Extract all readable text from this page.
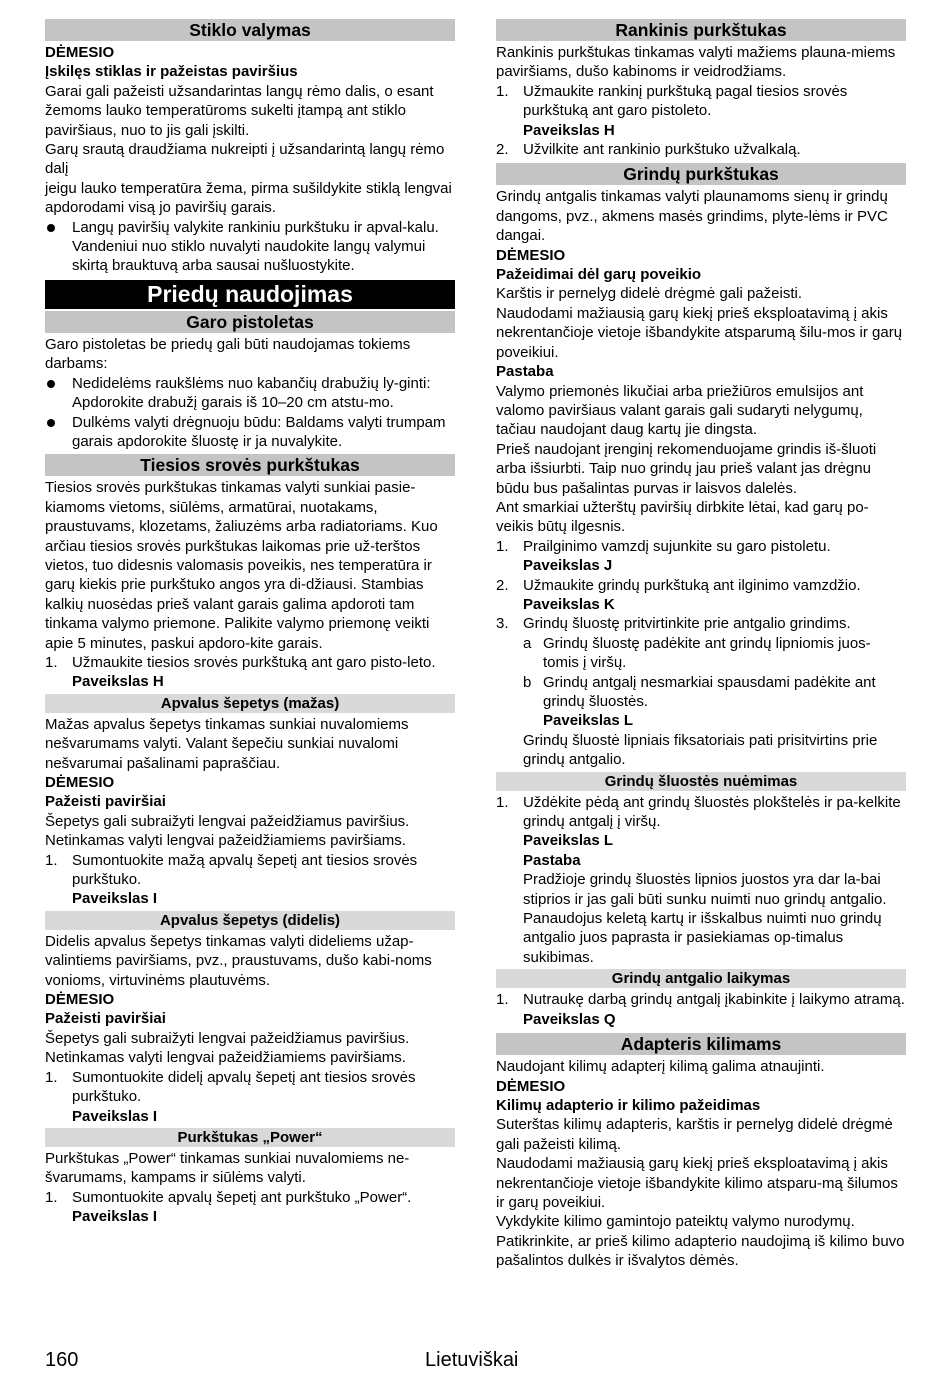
Stiklo valymas
DĖMESIO
Įskilęs stiklas ir pažeistas paviršius
Garai gali pažeisti užsandarintas langų rėmo dalis, o esant žemoms lauko temperatūroms sukelti įtampą ant stiklo paviršiaus, nuo to jis gali įskilti.
Garų srautą draudžiama nukreipti į užsandarintą langų rėmo dalį
jeigu lauko temperatūra žema, pirma sušildykite stiklą lengvai apdorodami visą jo paviršių garais.
Langų paviršių valykite rankiniu purkštuku ir apval-kalu. Vandeniui nuo stiklo nuvalyti naudokite langų valymui skirtą brauktuvą arba sausai nušluostykite.
Priedų naudojimas
Garo pistoletas
Garo pistoletas be priedų gali būti naudojamas tokiems darbams:
Nedidelėms raukšlėms nuo kabančių drabužių ly-ginti: Apdorokite drabužį garais iš 10–20 cm atstu-mo.
Dulkėms valyti drėgnuoju būdu: Baldams valyti trumpam garais apdorokite šluostę ir ja nuvalykite.
Tiesios srovės purkštukas
Tiesios srovės purkštukas tinkamas valyti sunkiai pasie-kiamoms vietoms, siūlėms, armatūrai, nuotakams, praustuvams, klozetams, žaliuzėms arba radiatoriams. Kuo arčiau tiesios srovės purkštukas laikomas prie už-terštos vietos, tuo didesnis valomasis poveikis, nes temperatūra ir garų kiekis prie purkštuko angos yra di-džiausi. Stambias kalkių nuosėdas prieš valant garais galima apdoroti tam tinkama valymo priemone. Palikite valymo priemonę veikti apie 5 minutes, paskui apdoro-kite garais.
1. Užmaukite tiesios srovės purkštuką ant garo pisto-leto.
Paveikslas H
Apvalus šepetys (mažas)
Mažas apvalus šepetys tinkamas sunkiai nuvalomiems nešvarumams valyti. Valant šepečiu sunkiai nuvalomi nešvarumai pašalinami papraščiau.
DĖMESIO
Pažeisti paviršiai
Šepetys gali subraižyti lengvai pažeidžiamus paviršius. Netinkamas valyti lengvai pažeidžiamiems paviršiams.
1. Sumontuokite mažą apvalų šepetį ant tiesios srovės purkštuko.
Paveikslas I
Apvalus šepetys (didelis)
Didelis apvalus šepetys tinkamas valyti dideliems užap-valintiems paviršiams, pvz., praustuvams, dušo kabi-noms vonioms, virtuvinėms plautuvėms.
DĖMESIO
Pažeisti paviršiai
Šepetys gali subraižyti lengvai pažeidžiamus paviršius. Netinkamas valyti lengvai pažeidžiamiems paviršiams.
1. Sumontuokite didelį apvalų šepetį ant tiesios srovės purkštuko.
Paveikslas I
Purkštukas „Power“
Purkštukas „Power“ tinkamas sunkiai nuvalomiems ne-švarumams, kampams ir siūlėms valyti.
1. Sumontuokite apvalų šepetį ant purkštuko „Power“.
Paveikslas I
Rankinis purkštukas
Rankinis purkštukas tinkamas valyti mažiems plauna-miems paviršiams, dušo kabinoms ir veidrodžiams.
1. Užmaukite rankinį purkštuką pagal tiesios srovės purkštuką ant garo pistoleto.
Paveikslas H
2. Užvilkite ant rankinio purkštuko užvalkalą.
Grindų purkštukas
Grindų antgalis tinkamas valyti plaunamoms sienų ir grindų dangoms, pvz., akmens masės grindims, plyte-lėms ir PVC dangai.
DĖMESIO
Pažeidimai dėl garų poveikio
Karštis ir pernelyg didelė drėgmė gali pažeisti.
Naudodami mažiausią garų kiekį prieš eksploatavimą į akis nekrentančioje vietoje išbandykite atsparumą šilu-mos ir garų poveikiui.
Pastaba
Valymo priemonės likučiai arba priežiūros emulsijos ant valomo paviršiaus valant garais gali sudaryti nelygumų, tačiau naudojant daug kartų jie dingsta.
Prieš naudojant įrenginį rekomenduojame grindis iš-šluoti arba išsiurbti. Taip nuo grindų jau prieš valant jas drėgnu būdu bus pašalintas purvas ir laisvos dalelės.
Ant smarkiai užterštų paviršių dirbkite lėtai, kad garų po-veikis būtų ilgesnis.
1. Prailginimo vamzdį sujunkite su garo pistoletu.
Paveikslas J
2. Užmaukite grindų purkštuką ant ilginimo vamzdžio.
Paveikslas K
3. Grindų šluostę pritvirtinkite prie antgalio grindims.
a Grindų šluostę padėkite ant grindų lipniomis juos-tomis į viršų.
b Grindų antgalį nesmarkiai spausdami padėkite ant grindų šluostės.
Paveikslas L
Grindų šluostė lipniais fiksatoriais pati prisitvirtins prie grindų antgalio.
Grindų šluostės nuėmimas
1. Uždėkite pėdą ant grindų šluostės plokštelės ir pa-kelkite grindų antgalį į viršų.
Paveikslas L
Pastaba
Pradžioje grindų šluostės lipnios juostos yra dar la-bai stiprios ir jas gali būti sunku nuimti nuo grindų antgalio. Panaudojus keletą kartų ir išskalbus nuimti nuo grindų antgalio juos paprasta ir pasiekiamas op-timalus sukibimas.
Grindų antgalio laikymas
1. Nutraukę darbą grindų antgalį įkabinkite į laikymo atramą.
Paveikslas Q
Adapteris kilimams
Naudojant kilimų adapterį kilimą galima atnaujinti.
DĖMESIO
Kilimų adapterio ir kilimo pažeidimas
Suterštas kilimų adapteris, karštis ir pernelyg didelė drėgmė gali pažeisti kilimą.
Naudodami mažiausią garų kiekį prieš eksploatavimą į akis nekrentančioje vietoje išbandykite kilimo atsparu-mą šilumos ir garų poveikiui.
Vykdykite kilimo gamintojo pateiktų valymo nurodymų.
Patikrinkite, ar prieš kilimo adapterio naudojimą iš kilimo buvo pašalintos dulkės ir išvalytos dėmės.
160	Lietuviškai
